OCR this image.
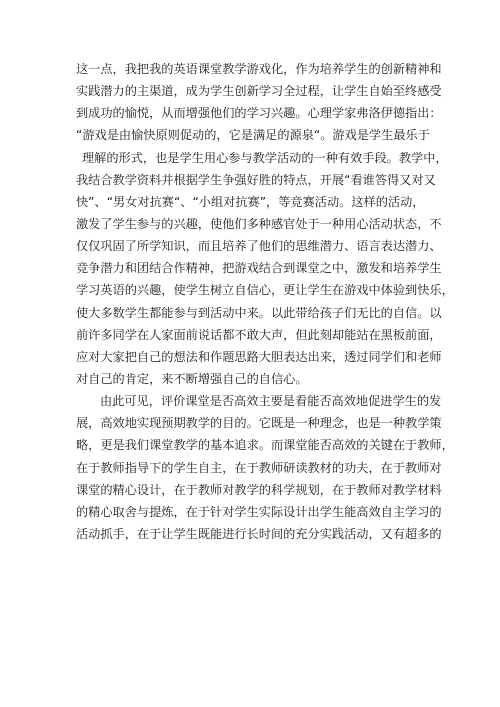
这一点，我把我的英语课堂教学游戏化，作为培养学生的创新精神和
实践潜力的主渠道，成为学生创新学习全过程，让学生自始至终感受
到成功的愉悦，从而增强他们的学习兴趣。心理学家弗洛伊德指出：
“游戏是由愉快原则促动的，它是满足的源泉“。游戏是学生最乐于
理解的形式，也是学生用心参与教学活动的一种有效手段。教学中，
我结合教学资料并根据学生争强好胜的特点，开展“看谁答得又对又
快”、“男女对抗赛“、“小组对抗赛”，等竞赛活动。这样的活动，
激发了学生参与的兴趣，使他们多种感官处于一种用心活动状态，不
仅仅巩固了所学知识，而且培养了他们的思维潜力、语言表达潜力、
竞争潜力和团结合作精神，把游戏结合到课堂之中，激发和培养学生
学习英语的兴趣，使学生树立自信心，更让学生在游戏中体验到快乐，
使大多数学生都能参与到活动中来。以此带给孩子们无比的自信。以
前许多同学在人家面前说话都不敢大声，但此刻却能站在黑板前面，
应对大家把自己的想法和作题思路大胆表达出来，透过同学们和老师
对自己的肯定，来不断增强自己的自信心。
由此可见，评价课堂是否高效主要是看能否高效地促进学生的发
展，高效地实现预期教学的目的。它既是一种理念，也是一种教学策
略，更是我们课堂教学的基本追求。而课堂能否高效的关键在于教师，
在于教师指导下的学生自主，在于教师研读教材的功夫，在于教师对
课堂的精心设计，在于教师对教学的科学规划，在于教师对教学材料
的精心取舍与提炼，在于针对学生实际设计出学生能高效自主学习的
活动抓手，在于让学生既能进行长时间的充分实践活动，又有超多的
